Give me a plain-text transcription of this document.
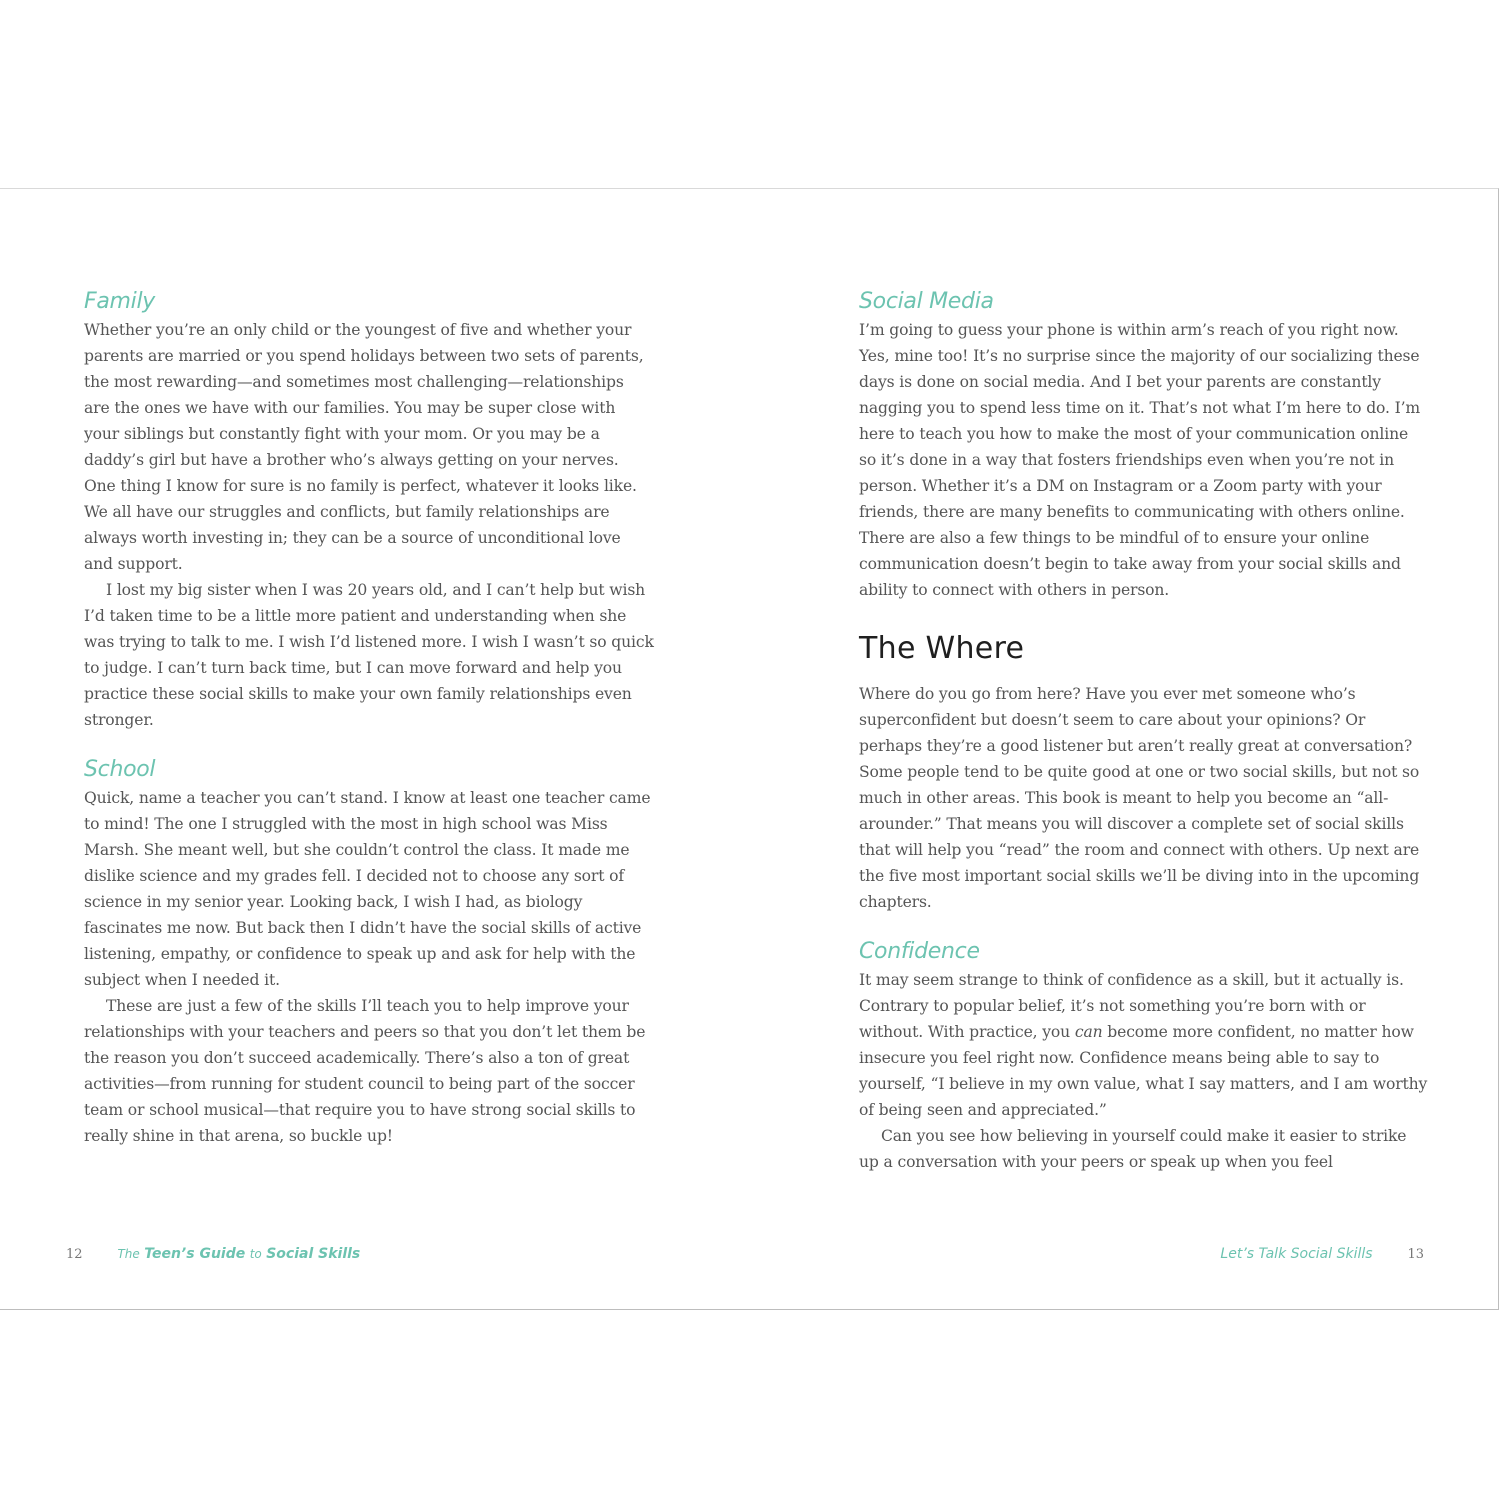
Family

Whether you’re an only child or the youngest of five and whether your parents are married or you spend holidays between two sets of parents, the most rewarding—and sometimes most challenging—relationships are the ones we have with our families. You may be super close with your siblings but constantly fight with your mom. Or you may be a daddy’s girl but have a brother who’s always getting on your nerves. One thing I know for sure is no family is perfect, whatever it looks like. We all have our struggles and conflicts, but family relationships are always worth investing in; they can be a source of unconditional love and support.

I lost my big sister when I was 20 years old, and I can’t help but wish I’d taken time to be a little more patient and understanding when she was trying to talk to me. I wish I’d listened more. I wish I wasn’t so quick to judge. I can’t turn back time, but I can move forward and help you practice these social skills to make your own family relationships even stronger.

School

Quick, name a teacher you can’t stand. I know at least one teacher came to mind! The one I struggled with the most in high school was Miss Marsh. She meant well, but she couldn’t control the class. It made me dislike science and my grades fell. I decided not to choose any sort of science in my senior year. Looking back, I wish I had, as biology fascinates me now. But back then I didn’t have the social skills of active listening, empathy, or confidence to speak up and ask for help with the subject when I needed it.

These are just a few of the skills I’ll teach you to help improve your relationships with your teachers and peers so that you don’t let them be the reason you don’t succeed academically. There’s also a ton of great activities—from running for student council to being part of the soccer team or school musical—that require you to have strong social skills to really shine in that arena, so buckle up!

Social Media

I’m going to guess your phone is within arm’s reach of you right now. Yes, mine too! It’s no surprise since the majority of our socializing these days is done on social media. And I bet your parents are constantly nagging you to spend less time on it. That’s not what I’m here to do. I’m here to teach you how to make the most of your communication online so it’s done in a way that fosters friendships even when you’re not in person. Whether it’s a DM on Instagram or a Zoom party with your friends, there are many benefits to communicating with others online. There are also a few things to be mindful of to ensure your online communication doesn’t begin to take away from your social skills and ability to connect with others in person.

The Where

Where do you go from here? Have you ever met someone who’s superconfident but doesn’t seem to care about your opinions? Or perhaps they’re a good listener but aren’t really great at conversation? Some people tend to be quite good at one or two social skills, but not so much in other areas. This book is meant to help you become an “all-arounder.” That means you will discover a complete set of social skills that will help you “read” the room and connect with others. Up next are the five most important social skills we’ll be diving into in the upcoming chapters.

Confidence

It may seem strange to think of confidence as a skill, but it actually is. Contrary to popular belief, it’s not something you’re born with or without. With practice, you can become more confident, no matter how insecure you feel right now. Confidence means being able to say to yourself, “I believe in my own value, what I say matters, and I am worthy of being seen and appreciated.”

Can you see how believing in yourself could make it easier to strike up a conversation with your peers or speak up when you feel

12	The Teen’s Guide to Social Skills	Let’s Talk Social Skills	13
